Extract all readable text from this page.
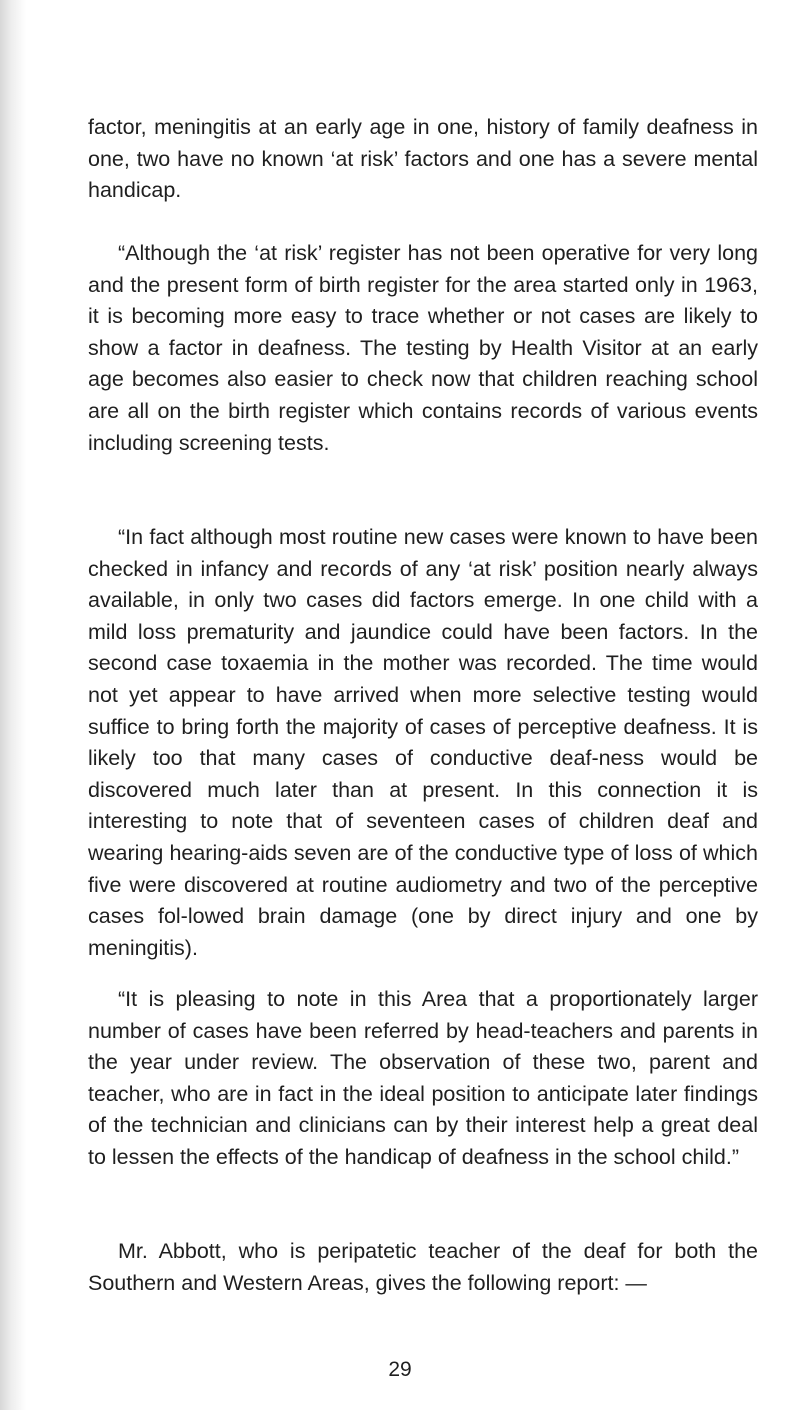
factor, meningitis at an early age in one, history of family deafness in one, two have no known ‘at risk’ factors and one has a severe mental handicap.

“Although the ‘at risk’ register has not been operative for very long and the present form of birth register for the area started only in 1963, it is becoming more easy to trace whether or not cases are likely to show a factor in deafness. The testing by Health Visitor at an early age becomes also easier to check now that children reaching school are all on the birth register which contains records of various events including screening tests.

“In fact although most routine new cases were known to have been checked in infancy and records of any ‘at risk’ position nearly always available, in only two cases did factors emerge. In one child with a mild loss prematurity and jaundice could have been factors. In the second case toxaemia in the mother was recorded. The time would not yet appear to have arrived when more selective testing would suffice to bring forth the majority of cases of perceptive deafness. It is likely too that many cases of conductive deaf-ness would be discovered much later than at present. In this connection it is interesting to note that of seventeen cases of children deaf and wearing hearing-aids seven are of the conductive type of loss of which five were discovered at routine audiometry and two of the perceptive cases fol-lowed brain damage (one by direct injury and one by meningitis).

“It is pleasing to note in this Area that a proportionately larger number of cases have been referred by head-teachers and parents in the year under review. The observation of these two, parent and teacher, who are in fact in the ideal position to anticipate later findings of the technician and clinicians can by their interest help a great deal to lessen the effects of the handicap of deafness in the school child.”

Mr. Abbott, who is peripatetic teacher of the deaf for both the Southern and Western Areas, gives the following report: —

29
